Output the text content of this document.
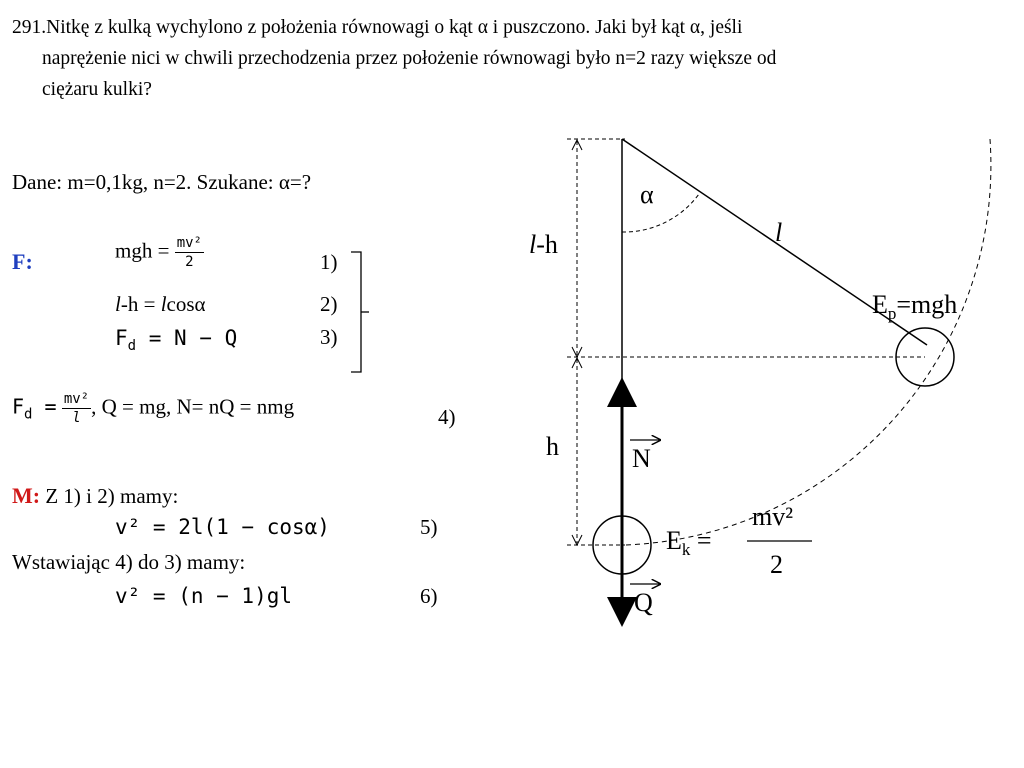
291.Nitkę z kulką wychylono z położenia równowagi o kąt α i puszczono. Jaki był kąt α, jeśli
naprężenie nici w chwili przechodzenia przez położenie równowagi było n=2 razy większe od
ciężaru kulki?
Dane: m=0,1kg, n=2. Szukane: α=?
F:	mgh = $\frac{\text{mv²}}{2}$	1)
l-h = lcosα	2)
$F_d = N - Q$	3)
$F_d = \frac{\text{mv²}}{l}$ , Q = mg, N= nQ = nmg	4)
M: Z 1) i 2) mamy:
v² = 2l(1 − cosα)	5)
Wstawiając 4) do 3) mamy:
v² = (n − 1)gl	6)
α
l
l-h
h
$E_p=mgh$
N
Q
$E_k$ =
mv²
2
